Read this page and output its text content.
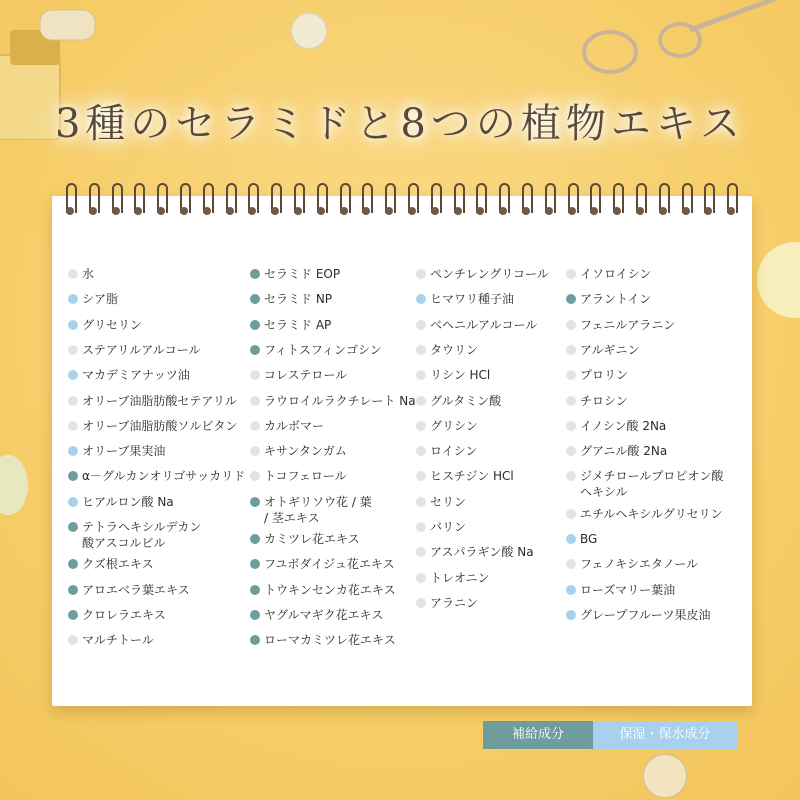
3種のセラミドと8つの植物エキス
水
シア脂
グリセリン
ステアリルアルコール
マカデミアナッツ油
オリーブ油脂肪酸セテアリル
オリーブ油脂肪酸ソルビタン
オリーブ果実油
α－グルカンオリゴサッカリド
ヒアルロン酸 Na
テトラヘキシルデカン
酸アスコルビル
クズ根エキス
アロエベラ葉エキス
クロレラエキス
マルチトール
セラミド EOP
セラミド NP
セラミド AP
フィトスフィンゴシン
コレステロール
ラウロイルラクチレート Na
カルボマー
キサンタンガム
トコフェロール
オトギリソウ花 / 葉
/ 茎エキス
カミツレ花エキス
フユボダイジュ花エキス
トウキンセンカ花エキス
ヤグルマギク花エキス
ローマカミツレ花エキス
ペンチレングリコール
ヒマワリ種子油
ベヘニルアルコール
タウリン
リシン HCl
グルタミン酸
グリシン
ロイシン
ヒスチジン HCl
セリン
バリン
アスパラギン酸 Na
トレオニン
アラニン
イソロイシン
アラントイン
フェニルアラニン
アルギニン
プロリン
チロシン
イノシン酸 2Na
グアニル酸 2Na
ジメチロールプロピオン酸
ヘキシル
エチルヘキシルグリセリン
BG
フェノキシエタノール
ローズマリー葉油
グレープフルーツ果皮油
補給成分	保湿・保水成分
